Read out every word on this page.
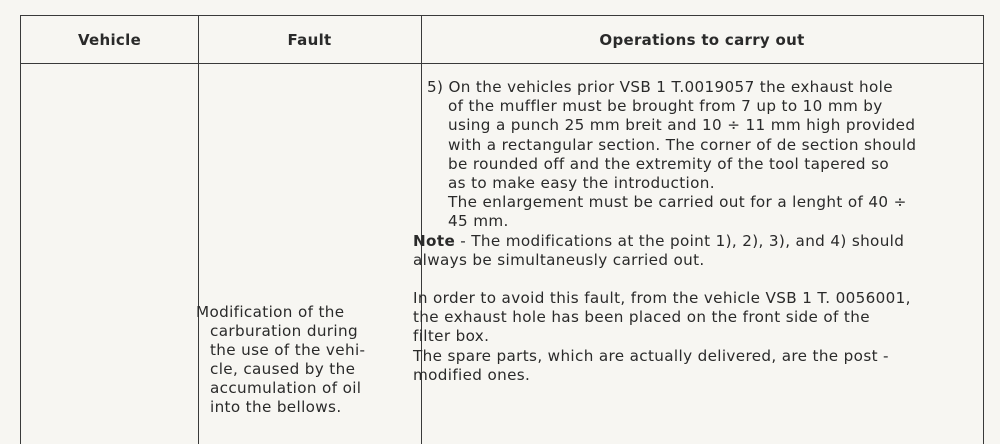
Vehicle	Fault	Operations to carry out
Modification of the
carburation during
the use of the vehi-
cle, caused by the
accumulation of oil
into the bellows.
5) On the vehicles prior VSB 1 T.0019057 the exhaust hole
of the muffler must be brought from 7 up to 10 mm by
using a punch 25 mm breit and 10 ÷ 11 mm high provided
with a rectangular section. The corner of de section should
be rounded off and the extremity of the tool tapered so
as to make easy the introduction.
The enlargement must be carried out for a lenght of 40 ÷
45 mm.
Note - The modifications at the point 1), 2), 3), and 4) should
always be simultaneusly carried out.
In order to avoid this fault, from the vehicle VSB 1 T. 0056001,
the exhaust hole has been placed on the front side of the
filter box.
The spare parts, which are actually delivered, are the post -
modified ones.
